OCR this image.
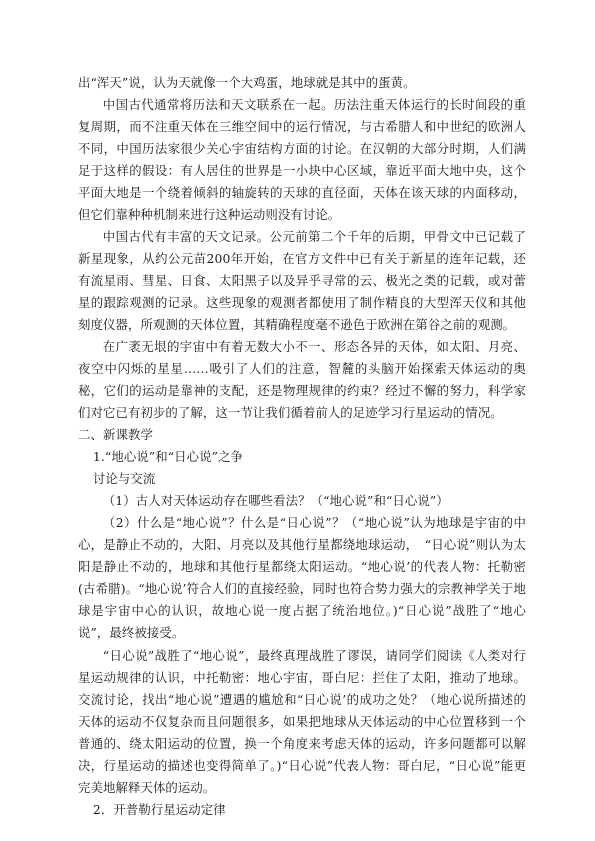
出“浑天”说，认为天就像一个大鸡蛋，地球就是其中的蛋黄。

中国古代通常将历法和天文联系在一起。历法注重天体运行的长时间段的重复周期，而不注重天体在三维空间中的运行情况，与古希腊人和中世纪的欧洲人不同，中国历法家很少关心宇宙结构方面的讨论。在汉朝的大部分时期，人们满足于这样的假设：有人居住的世界是一小块中心区域，靠近平面大地中央，这个平面大地是一个绕着倾斜的轴旋转的天球的直径面，天体在该天球的内面移动，但它们靠种种机制来进行这种运动则没有讨论。

中国古代有丰富的天文记录。公元前第二个千年的后期，甲骨文中已记载了新星现象，从约公元苗200年开始，在官方文件中已有关于新星的连年记载，还有流星雨、彗星、日食、太阳黑子以及异乎寻常的云、极光之类的记载，或对蕾星的跟踪观测的记录。这些现象的观测者都使用了制作精良的大型浑天仪和其他刻度仪器，所观测的天体位置，其精确程度毫不逊色于欧洲在第谷之前的观测。

在广袤无垠的宇宙中有着无数大小不一、形态各异的天体，如太阳、月亮、夜空中闪烁的星星……吸引了人们的注意，智麓的头脑开始探索天体运动的奥秘，它们的运动是靠神的支配，还是物理规律的约束？经过不懈的努力，科学家们对它已有初步的了解，这一节让我们循着前人的足迹学习行星运动的情况。

二、新课教学

1.“地心说”和“日心说”之争

讨论与交流

（1）古人对天体运动存在哪些看法？（“地心说”和“日心说”）

（2）什么是“地心说”？什么是“日心说”？（“地心说”认为地球是宇宙的中心，是静止不动的，大阳、月亮以及其他行星都绕地球运动，　“日心说”则认为太阳是静止不动的，地球和其他行星都绕太阳运动。“地心说’的代表人物：托勒密(古希腊)。“地心说’符合人们的直接经验，同时也符合势力强大的宗教神学关于地球是宇宙中心的认识，故地心说一度占据了统治地位。)“日心说”战胜了“地心说”，最终被接受。

“日心说”战胜了“地心说”，最终真理战胜了谬误，请同学们阅读《人类对行星运动规律的认识，中托勒密：地心宇宙，哥白尼：拦住了太阳，推动了地球。交流讨论，找出“地心说”遭遇的尴尬和“日心说’的成功之处？（地心说所描述的天体的运动不仅复杂而且问题很多，如果把地球从天体运动的中心位置移到一个普通的、绕太阳运动的位置，换一个角度来考虑天体的运动，许多问题都可以解决，行星运动的描述也变得简单了。)“日心说”代表人物：哥白尼，“日心说”能更完美地解释天体的运动。

2．开普勒行星运动定律
